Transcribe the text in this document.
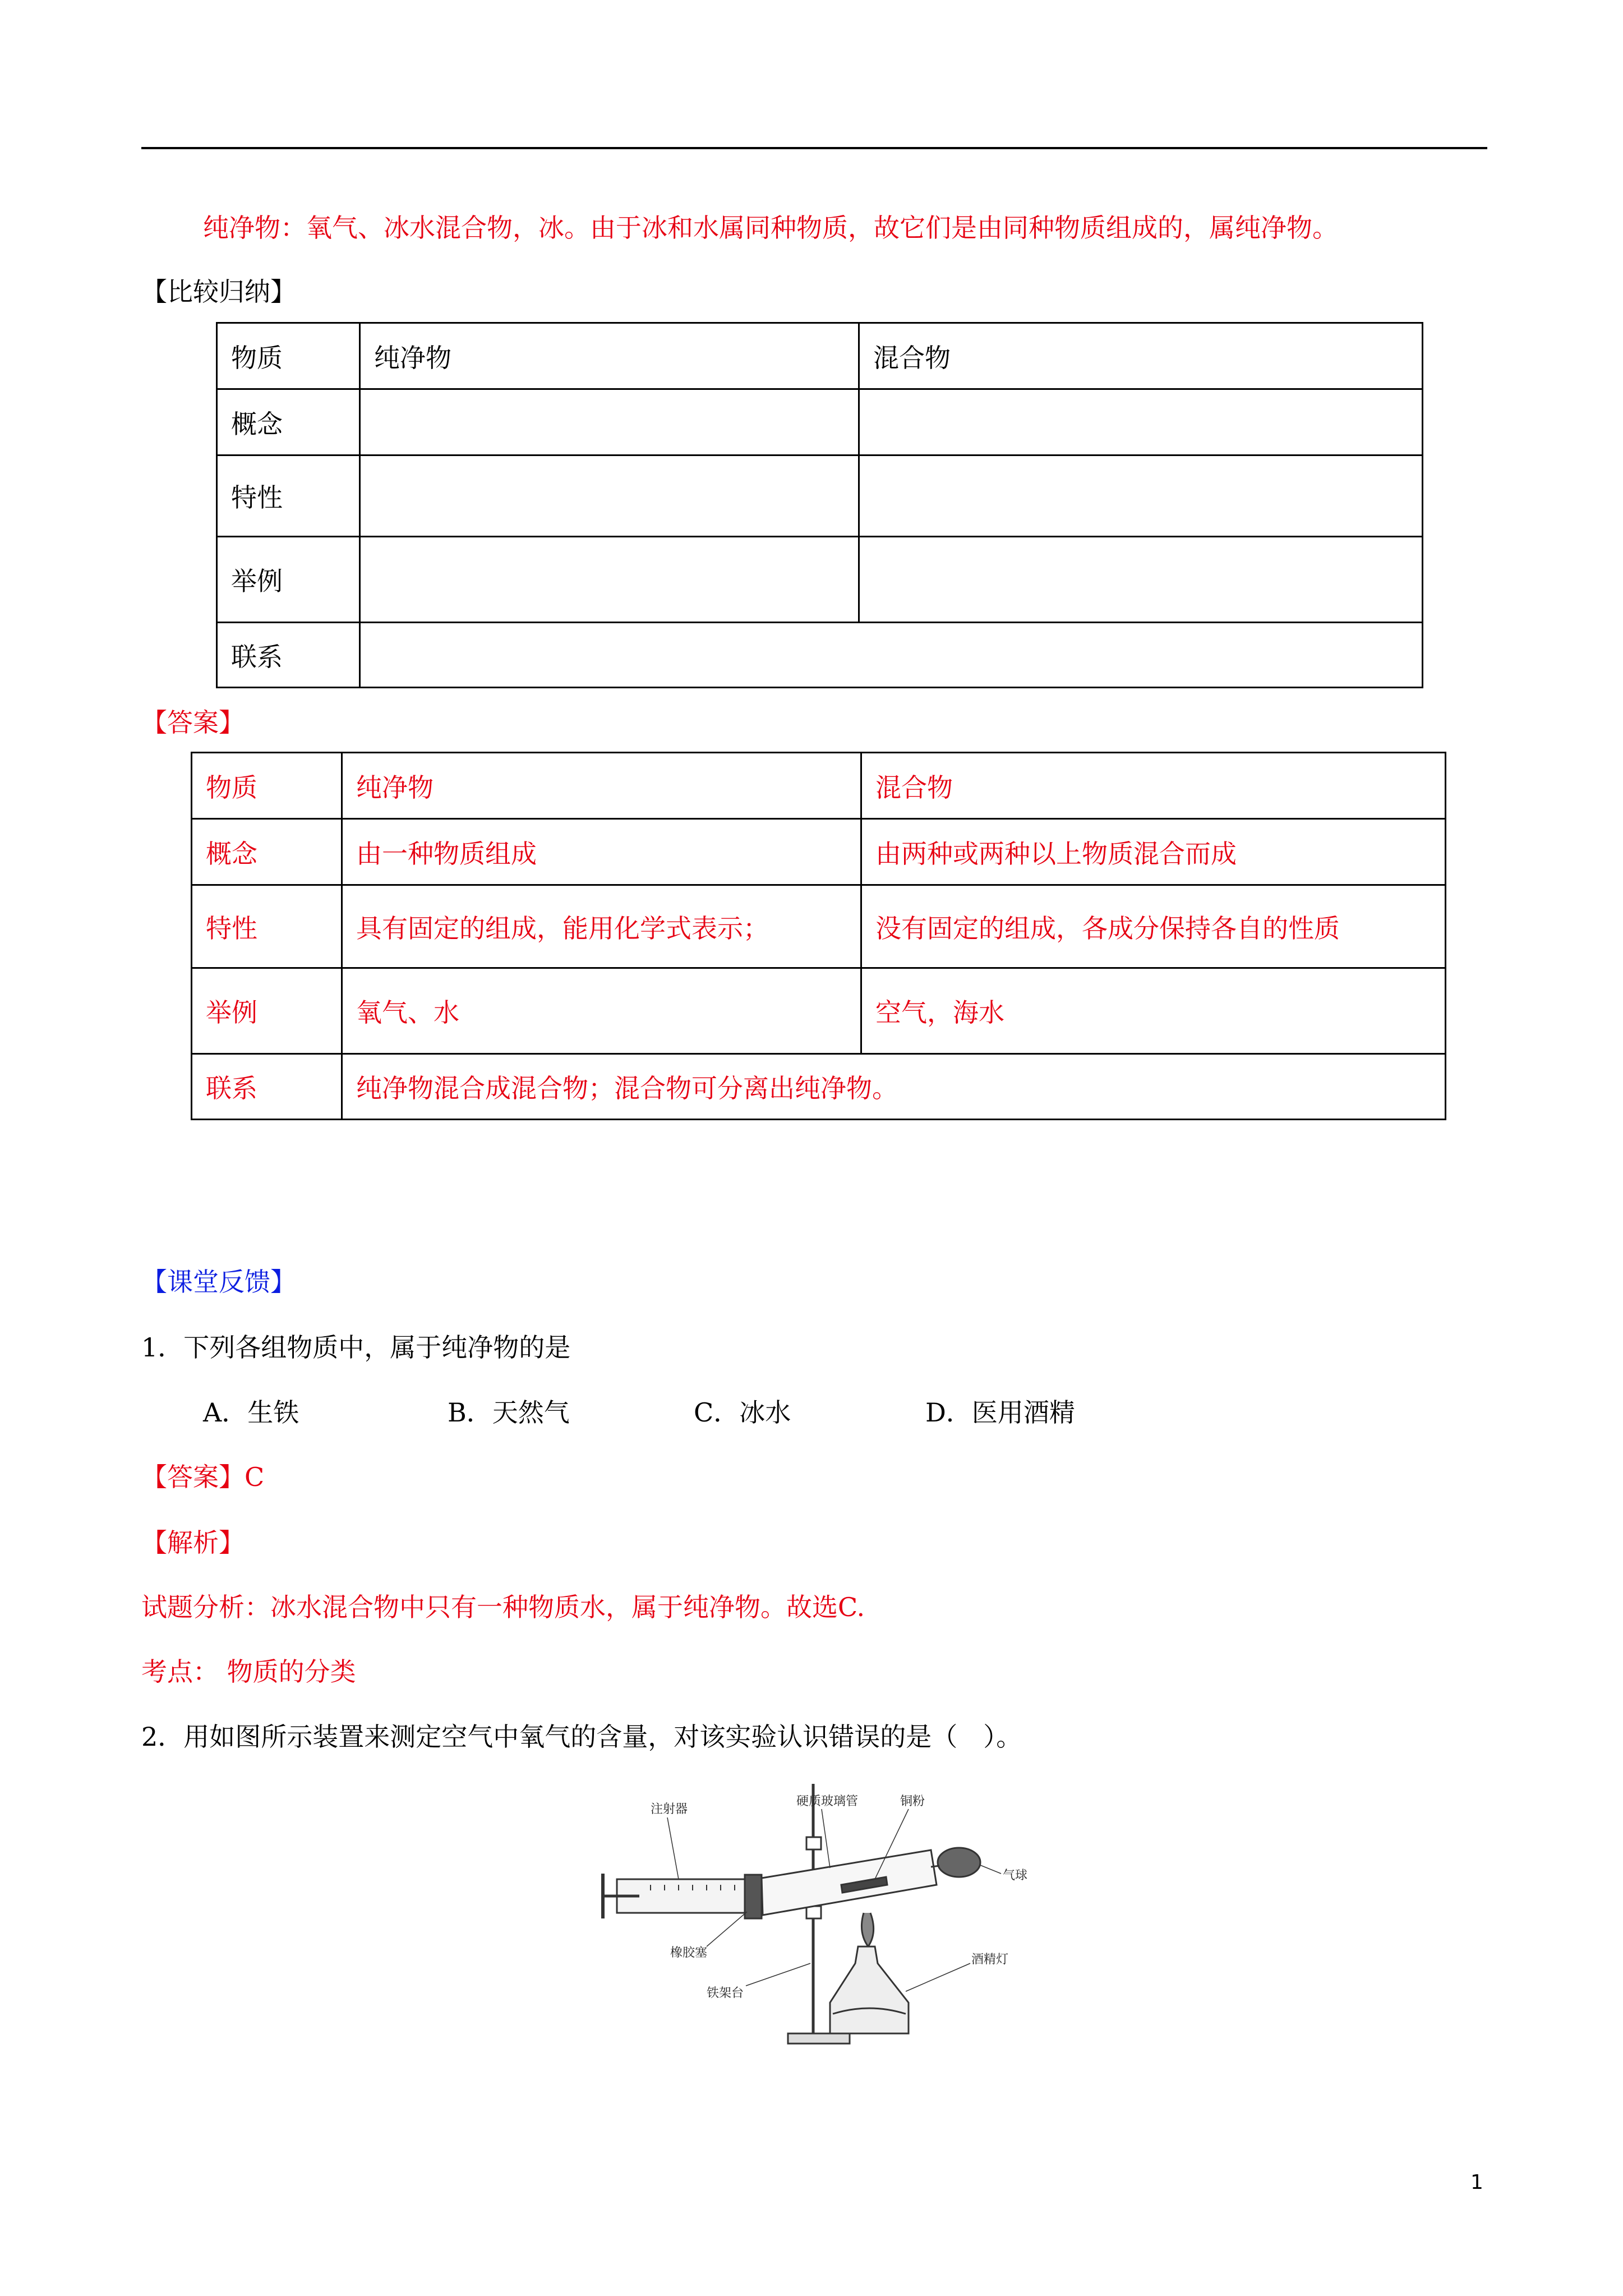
纯净物：氧气、冰水混合物，冰。由于冰和水属同种物质，故它们是由同种物质组成的，属纯净物。
【比较归纳】
物质	纯净物	混合物
概念		
特性		
举例		
联系		
【答案】
物质	纯净物	混合物
概念	由一种物质组成	由两种或两种以上物质混合而成
特性	具有固定的组成，能用化学式表示；	没有固定的组成，各成分保持各自的性质
举例	氧气、水	空气，海水
联系	纯净物混合成混合物；混合物可分离出纯净物。	
【课堂反馈】
1．下列各组物质中，属于纯净物的是
A．生铁	B．天然气	C．冰水	D．医用酒精
【答案】C
【解析】
试题分析：冰水混合物中只有一种物质水，属于纯净物。故选C.
考点： 物质的分类
2．用如图所示装置来测定空气中氧气的含量，对该实验认识错误的是（　）。
注射器
硬质玻璃管	铜粉
气球
橡胶塞
铁架台
酒精灯
1
